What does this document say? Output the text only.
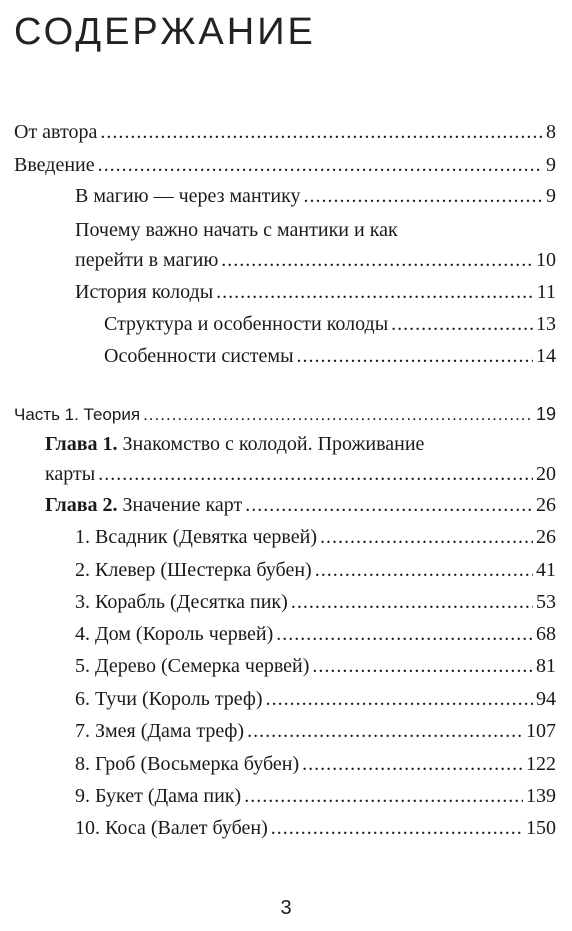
СОДЕРЖАНИЕ
От автора .....	8
Введение .....	9
В магию — через мантику .....	9
Почему важно начать с мантики и как
перейти в магию .....	10
История колоды .....	11
Структура и особенности колоды .....	13
Особенности системы .....	14
Часть 1. Теория .....	19
Глава 1. Знакомство с колодой. Проживание
карты .....	20
Глава 2. Значение карт .....	26
1. Всадник (Девятка червей) .....	26
2. Клевер (Шестерка бубен) .....	41
3. Корабль (Десятка пик) .....	53
4. Дом (Король червей) .....	68
5. Дерево (Семерка червей) .....	81
6. Тучи (Король треф) .....	94
7. Змея (Дама треф) .....	107
8. Гроб (Восьмерка бубен) .....	122
9. Букет (Дама пик) .....	139
10. Коса (Валет бубен) .....	150
3
